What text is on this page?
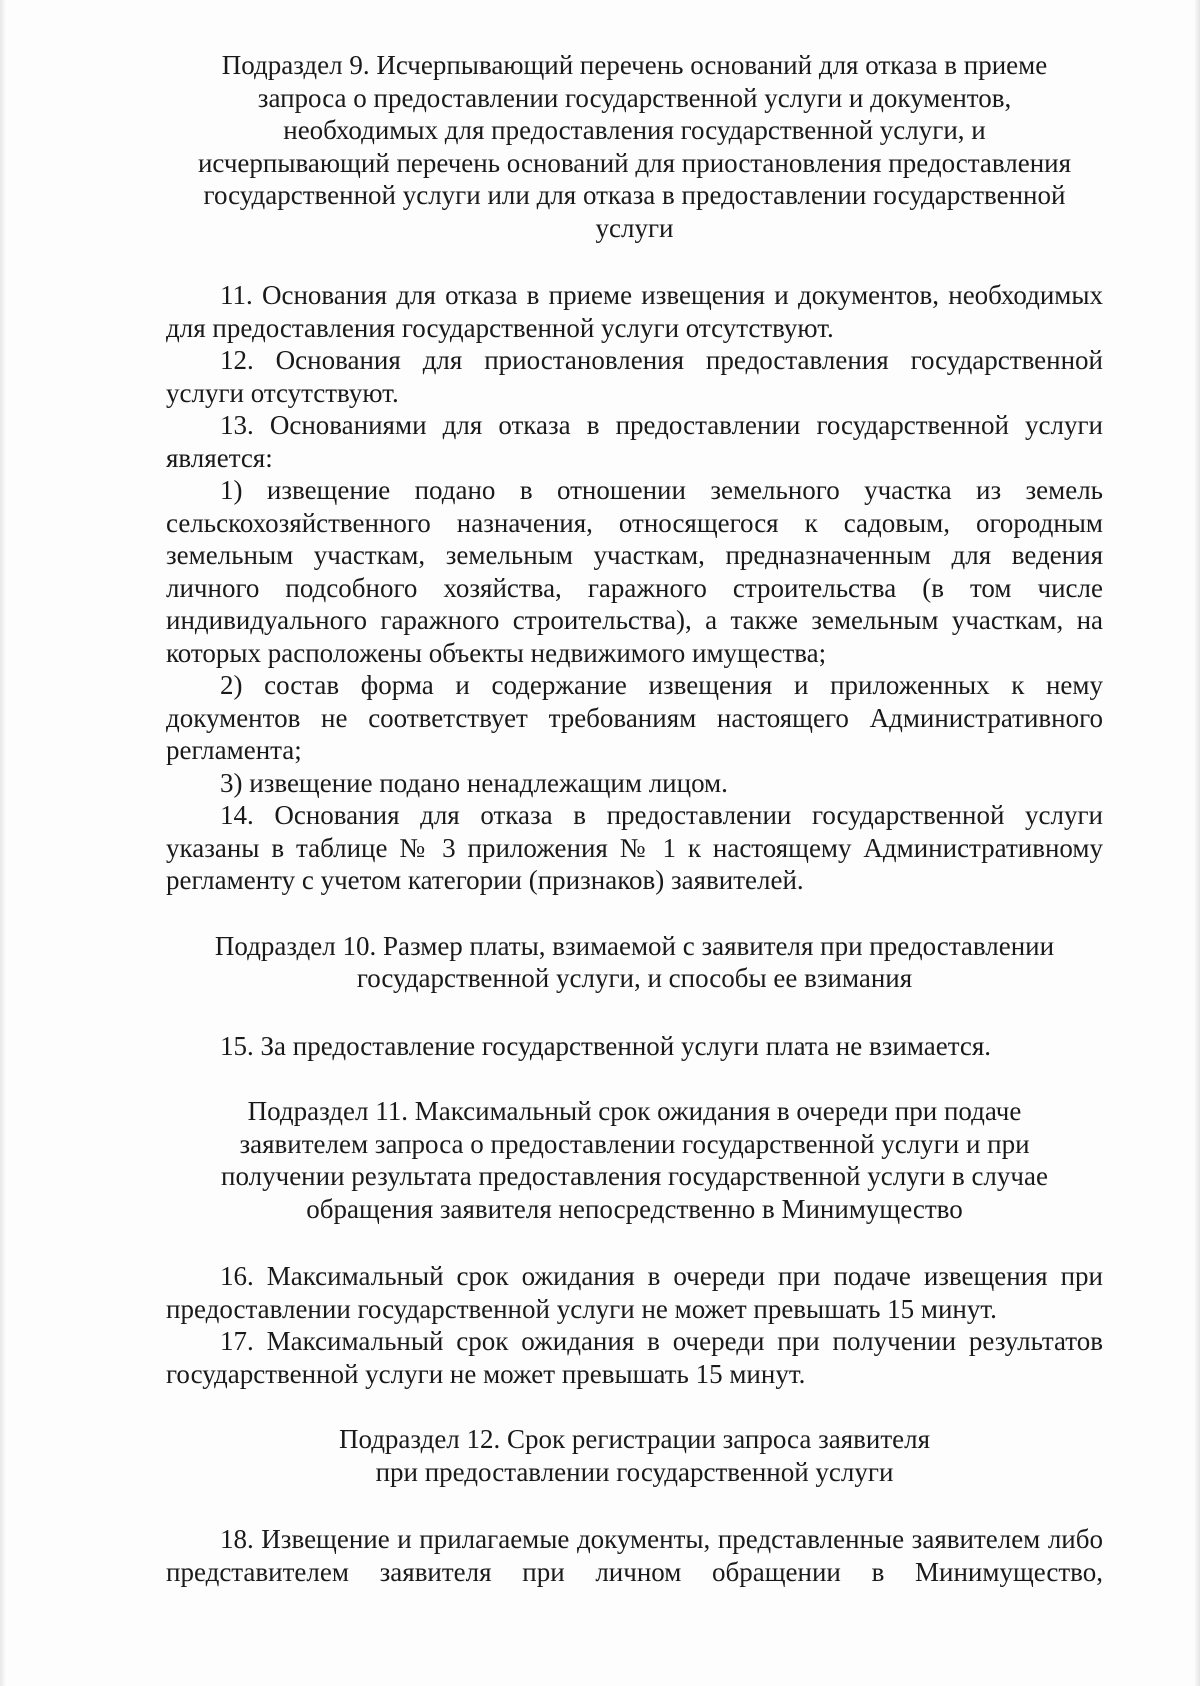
Подраздел 9. Исчерпывающий перечень оснований для отказа в приеме запроса о предоставлении государственной услуги и документов, необходимых для предоставления государственной услуги, и исчерпывающий перечень оснований для приостановления предоставления государственной услуги или для отказа в предоставлении государственной услуги

11. Основания для отказа в приеме извещения и документов, необходимых для предоставления государственной услуги отсутствуют.

12. Основания для приостановления предоставления государственной услуги отсутствуют.

13. Основаниями для отказа в предоставлении государственной услуги является:

1) извещение подано в отношении земельного участка из земель сельскохозяйственного назначения, относящегося к садовым, огородным земельным участкам, земельным участкам, предназначенным для ведения личного подсобного хозяйства, гаражного строительства (в том числе индивидуального гаражного строительства), а также земельным участкам, на которых расположены объекты недвижимого имущества;

2) состав форма и содержание извещения и приложенных к нему документов не соответствует требованиям настоящего Административного регламента;

3) извещение подано ненадлежащим лицом.

14. Основания для отказа в предоставлении государственной услуги указаны в таблице № 3 приложения № 1 к настоящему Административному регламенту с учетом категории (признаков) заявителей.

Подраздел 10. Размер платы, взимаемой с заявителя при предоставлении государственной услуги, и способы ее взимания

15. За предоставление государственной услуги плата не взимается.

Подраздел 11. Максимальный срок ожидания в очереди при подаче заявителем запроса о предоставлении государственной услуги и при получении результата предоставления государственной услуги в случае обращения заявителя непосредственно в Минимущество

16. Максимальный срок ожидания в очереди при подаче извещения при предоставлении государственной услуги не может превышать 15 минут.

17. Максимальный срок ожидания в очереди при получении результатов государственной услуги не может превышать 15 минут.

Подраздел 12. Срок регистрации запроса заявителя при предоставлении государственной услуги

18. Извещение и прилагаемые документы, представленные заявителем либо представителем заявителя при личном обращении в Минимущество,
